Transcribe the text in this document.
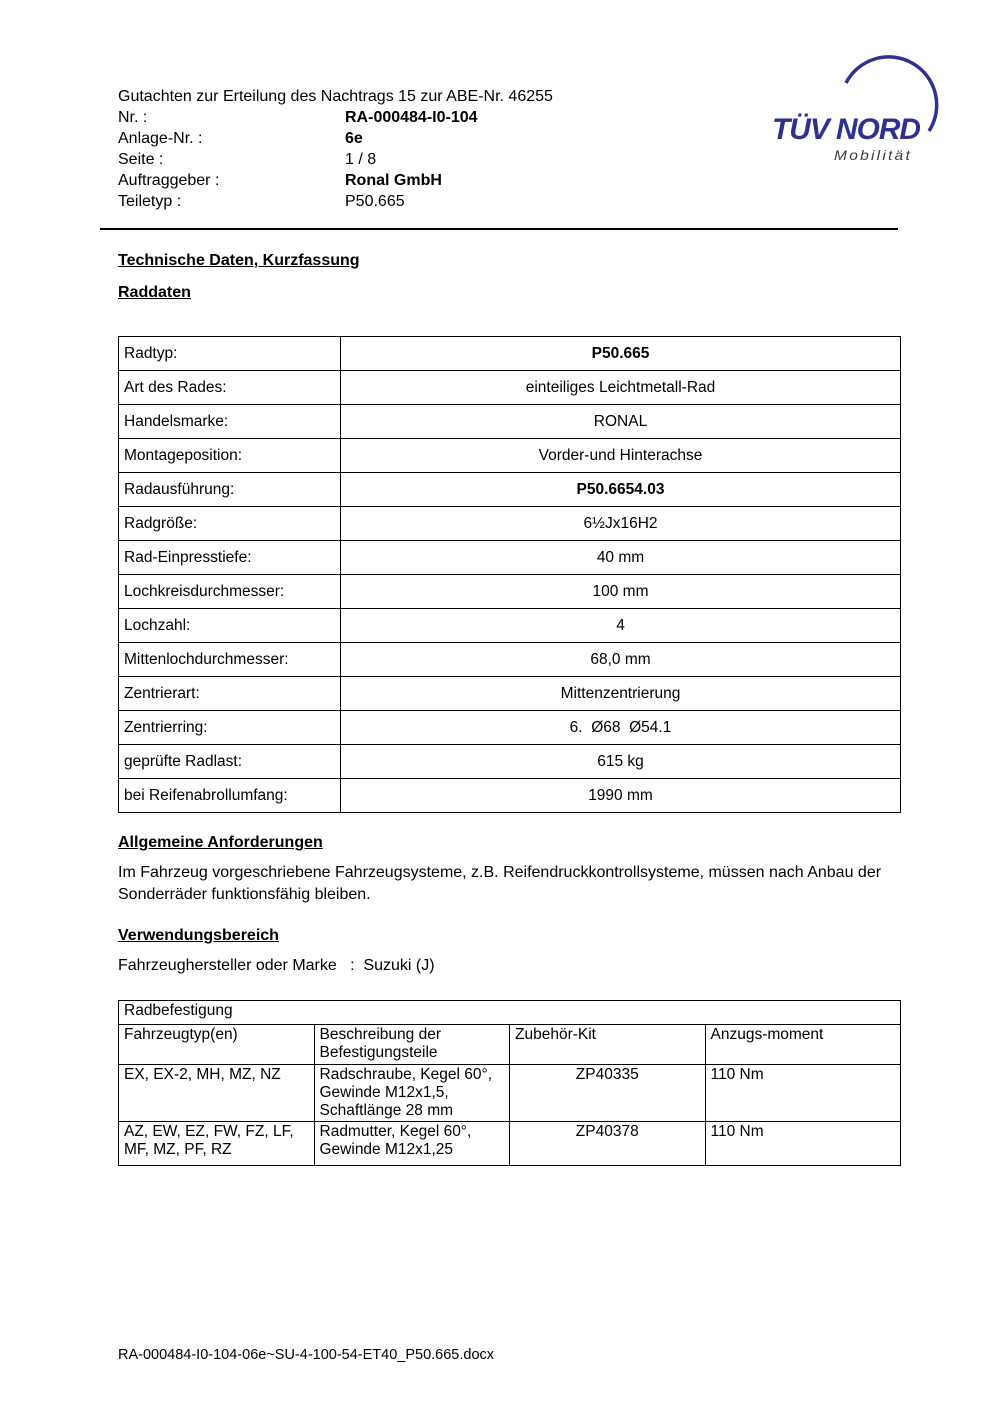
Gutachten zur Erteilung des Nachtrags 15 zur ABE-Nr. 46255
Nr. :	RA-000484-I0-104
Anlage-Nr. :	6e
Seite :	1 / 8
Auftraggeber :	Ronal GmbH
Teiletyp :	P50.665
TÜV NORD
Mobilität
Technische Daten, Kurzfassung
Raddaten
Radtyp:	P50.665
Art des Rades:	einteiliges Leichtmetall-Rad
Handelsmarke:	RONAL
Montageposition:	Vorder-und Hinterachse
Radausführung:	P50.6654.03
Radgröße:	6½Jx16H2
Rad-Einpresstiefe:	40 mm
Lochkreisdurchmesser:	100 mm
Lochzahl:	4
Mittenlochdurchmesser:	68,0 mm
Zentrierart:	Mittenzentrierung
Zentrierring:	6.  Ø68  Ø54.1
geprüfte Radlast:	615 kg
bei Reifenabrollumfang:	1990 mm
Allgemeine Anforderungen

Im Fahrzeug vorgeschriebene Fahrzeugsysteme, z.B. Reifendruckkontrollsysteme, müssen nach Anbau der Sonderräder funktionsfähig bleiben.

Verwendungsbereich
Fahrzeughersteller oder Marke   :  Suzuki (J)
Radbefestigung			
Fahrzeugtyp(en)	Beschreibung der Befestigungsteile	Zubehör-Kit	Anzugs-moment
EX, EX-2, MH, MZ, NZ	Radschraube, Kegel 60°, Gewinde M12x1,5, Schaftlänge 28 mm	ZP40335	110 Nm
AZ, EW, EZ, FW, FZ, LF, MF, MZ, PF, RZ	Radmutter, Kegel 60°, Gewinde M12x1,25	ZP40378	110 Nm
RA-000484-I0-104-06e~SU-4-100-54-ET40_P50.665.docx
